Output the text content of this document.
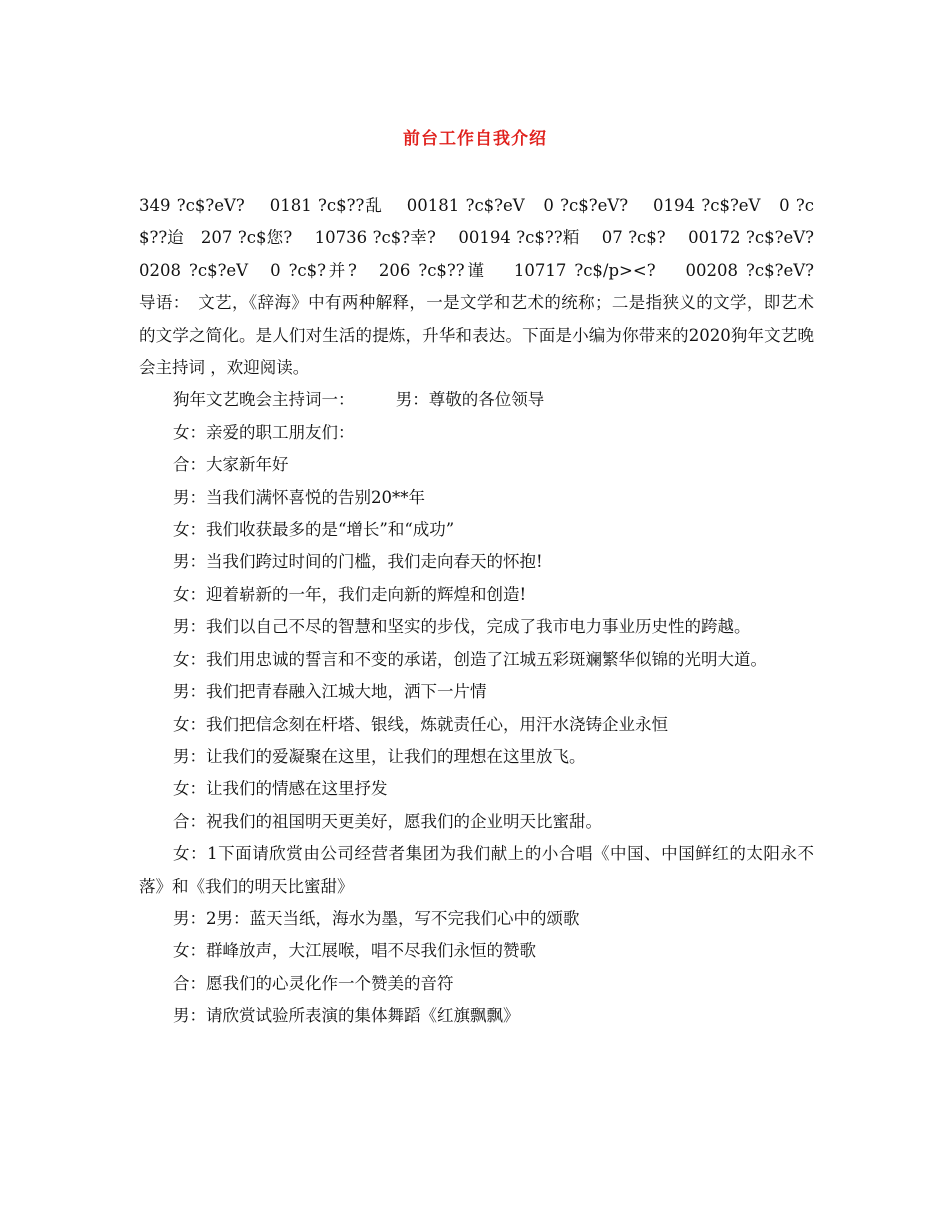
前台工作自我介绍

349 ?c$?eV?　 0181 ?c$??乱　 00181 ?c$?eV　0 ?c$?eV?　 0194 ?c$?eV　0 ?c$??迨　207 ?c$您?　 10736 ?c$?幸?　 00194 ?c$??粨　 07 ?c$?　 00172 ?c$?eV?　 0208 ?c$?eV　0 ?c$?并?　206 ?c$??谨　 10717 ?c$/p><?　 00208 ?c$?eV?　　　导语：　文艺，《辞海》中有两种解释，一是文学和艺术的统称；二是指狭义的文学，即艺术的文学之简化。是人们对生活的提炼，升华和表达。下面是小编为你带来的2020狗年文艺晚会主持词 ，欢迎阅读。

狗年文艺晚会主持词一：　　　男：尊敬的各位领导

女：亲爱的职工朋友们：

合：大家新年好

男：当我们满怀喜悦的告别20**年

女：我们收获最多的是“增长”和“成功”

男：当我们跨过时间的门槛，我们走向春天的怀抱!

女：迎着崭新的一年，我们走向新的辉煌和创造!

男：我们以自己不尽的智慧和坚实的步伐，完成了我市电力事业历史性的跨越。

女：我们用忠诚的誓言和不变的承诺，创造了江城五彩斑斓繁华似锦的光明大道。

男：我们把青春融入江城大地，洒下一片情

女：我们把信念刻在杆塔、银线，炼就责任心，用汗水浇铸企业永恒

男：让我们的爱凝聚在这里，让我们的理想在这里放飞。

女：让我们的情感在这里抒发

合：祝我们的祖国明天更美好，愿我们的企业明天比蜜甜。

女：1下面请欣赏由公司经营者集团为我们献上的小合唱《中国、中国鲜红的太阳永不落》和《我们的明天比蜜甜》

男：2男：蓝天当纸，海水为墨，写不完我们心中的颂歌

女：群峰放声，大江展喉，唱不尽我们永恒的赞歌

合：愿我们的心灵化作一个赞美的音符

男：请欣赏试验所表演的集体舞蹈《红旗飘飘》
